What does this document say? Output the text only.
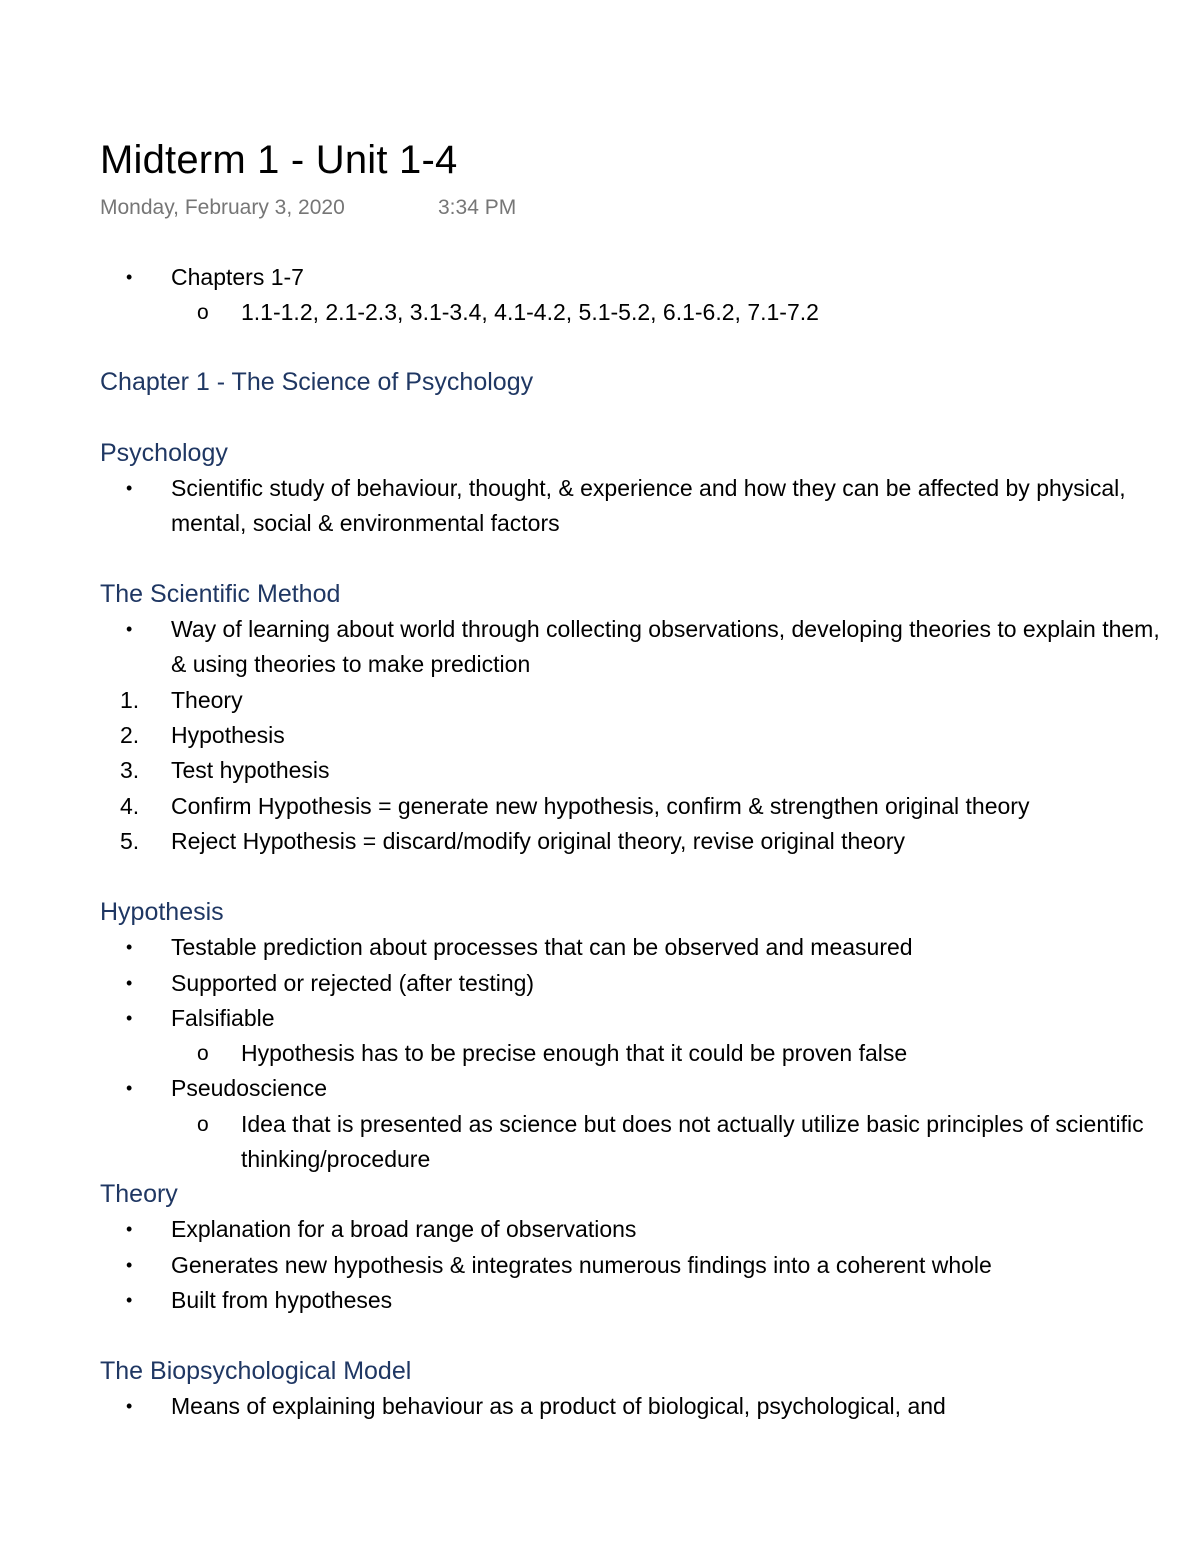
Midterm 1 - Unit 1-4
Monday, February 3, 2020	3:34 PM
• Chapters 1-7
o 1.1-1.2, 2.1-2.3, 3.1-3.4, 4.1-4.2, 5.1-5.2, 6.1-6.2, 7.1-7.2
Chapter 1 - The Science of Psychology
Psychology
• Scientific study of behaviour, thought, & experience and how they can be affected by physical, mental, social & environmental factors
The Scientific Method
• Way of learning about world through collecting observations, developing theories to explain them, & using theories to make prediction
1. Theory
2. Hypothesis
3. Test hypothesis
4. Confirm Hypothesis = generate new hypothesis, confirm & strengthen original theory
5. Reject Hypothesis = discard/modify original theory, revise original theory
Hypothesis
• Testable prediction about processes that can be observed and measured
• Supported or rejected (after testing)
• Falsifiable
o Hypothesis has to be precise enough that it could be proven false
• Pseudoscience
o Idea that is presented as science but does not actually utilize basic principles of scientific thinking/procedure
Theory
• Explanation for a broad range of observations
• Generates new hypothesis & integrates numerous findings into a coherent whole
• Built from hypotheses
The Biopsychological Model
• Means of explaining behaviour as a product of biological, psychological, and
